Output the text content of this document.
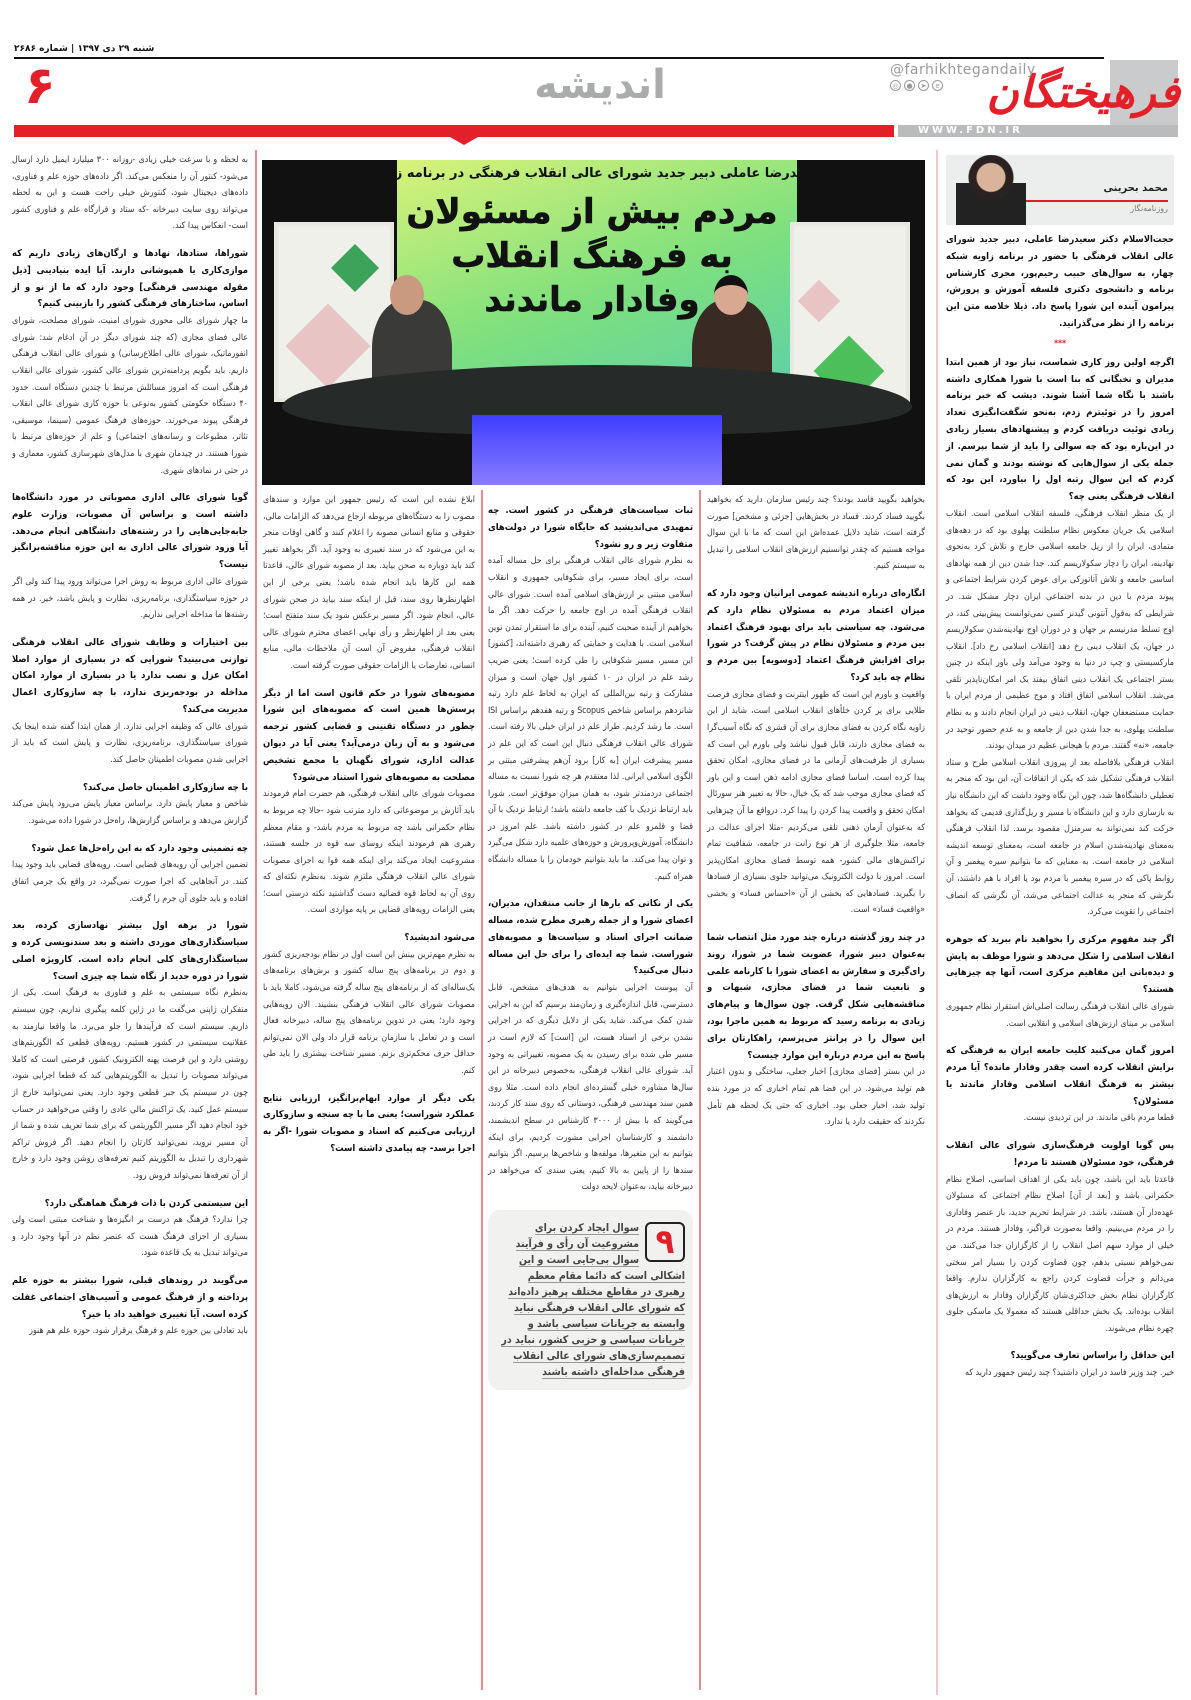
شنبه ۲۹ دی ۱۳۹۷ | شماره ۲۶۸۶
فرهیختگان
@farhikhtegandaily
◎	●	➤	e
اندیشه
۶
WWW.FDN.IR
سعیدرضا عاملی دبیر جدید شورای عالی انقلاب فرهنگی در برنامه زاویه:
مردم بیش از مسئولان
به فرهنگ انقلاب
وفادار ماندند
محمد بحرینی
روزنامه‌نگار

حجت‌الاسلام دکتر سعیدرضا عاملی، دبیر جدید شورای عالی انقلاب فرهنگی با حضور در برنامه زاویه شبکه چهار، به سوال‌های حبیب رحیم‌پور، مجری کارشناس برنامه و دانشجوی دکتری فلسفه آموزش و پرورش، پیرامون آینده این شورا پاسخ داد. ذیلا خلاصه متن این برنامه را از نظر می‌گذرانید.

***

اگرچه اولین روز کاری شماست، نیاز بود از همین ابتدا مدیران و نخبگانی که بنا است با شورا همکاری داشته باشند با نگاه شما آشنا شوند. دیشب که خبر برنامه امروز را در توئیترم زدم، به‌نحو شگفت‌انگیزی تعداد زیادی توئیت دریافت کردم و پیشنهادهای بسیار زیادی در این‌باره بود که چه سوالی را باید از شما بپرسم. از جمله یکی از سوال‌هایی که نوشته بودند و گمان نمی کردم که این سوال رتبه اول را بیاورد، این بود که انقلاب فرهنگی یعنی چه؟

از یک منظر انقلاب فرهنگی، فلسفه انقلاب اسلامی است. انقلاب اسلامی یک جریان معکوس نظام سلطنت پهلوی بود که در دهه‌های متمادی، ایران را از ریل جامعه اسلامی خارج و تلاش کرد به‌نحوی نهادینه، ایران را دچار سکولاریسم کند. جدا شدن دین از همه نهادهای اساسی جامعه و تلاش آتاتورکی برای عوض کردن شرایط اجتماعی و پیوند مردم با دین در بدنه اجتماعی ایران دچار مشکل شد. در شرایطی که به‌قول آنتونی گیدنز کسی نمی‌توانست پیش‌بینی کند، در اوج تسلط مدرنیسم بر جهان و در دوران اوج نهادینه‌شدن سکولاریسم در جهان، یک انقلاب دینی رخ دهد [انقلاب اسلامی رخ داد]. انقلاب مارکسیستی و چپ در دنیا به وجود می‌آمد ولی باور اینکه در چنین بستر اجتماعی یک انقلاب دینی اتفاق بیفتد یک امر امکان‌ناپذیر تلقی می‌شد. انقلاب اسلامی اتفاق افتاد و موج عظیمی از مردم ایران با حمایت مستضعفان جهان، انقلاب دینی در ایران انجام دادند و به نظام سلطنت پهلوی، به جدا شدن دین از جامعه و به عدم حضور توحید در جامعه، «نه» گفتند. مردم با هیجانی عظیم در میدان بودند.

انقلاب فرهنگی بلافاصله بعد از پیروزی انقلاب اسلامی طرح و ستاد انقلاب فرهنگی تشکیل شد که یکی از اتفاقات آن، این بود که منجر به تعطیلی دانشگاه‌ها شد، چون این نگاه وجود داشت که این دانشگاه نیاز به بازسازی دارد و این دانشگاه با مسیر و ریل‌گذاری قدیمی که بخواهد حرکت کند نمی‌تواند به سرمنزل مقصود برسد. لذا انقلاب فرهنگی به‌معنای نهادینه‌شدن اسلام در جامعه است، به‌معنای توسعه اندیشه اسلامی در جامعه است. به معنایی که ما بتوانیم سیره پیغمبر و آن روابط پاکی که در سیره پیغمبر با مردم بود یا افراد با هم داشتند، آن نگرشی که منجر به عدالت اجتماعی می‌شد، آن نگرشی که انصاف اجتماعی را تقویت می‌کرد.

اگر چند مفهوم مرکزی را بخواهید نام ببرید که جوهره انقلاب اسلامی را شکل می‌دهد و شورا موظف به پایش و دیده‌بانی این مفاهیم مرکزی است، آنها چه چیزهایی هستند؟

شورای عالی انقلاب فرهنگی رسالت اصلی‌اش استقرار نظام جمهوری اسلامی بر مبنای ارزش‌های اسلامی و انقلابی است.

امروز گمان می‌کنید کلیت جامعه ایران به فرهنگی که برایش انقلاب کرده است چقدر وفادار مانده؟ آیا مردم بیشتر به فرهنگ انقلاب اسلامی وفادار ماندند یا مسئولان؟

قطعا مردم باقی ماندند. در این تردیدی نیست.

پس گویا اولویت فرهنگ‌سازی شورای عالی انقلاب فرهنگی، خود مسئولان هستند تا مردم!

قاعدتا باید این باشد، چون باید یکی از اهداف اساسی، اصلاح نظام حکمرانی باشد و [بعد از آن] اصلاح نظام اجتماعی که مسئولان عهده‌دار آن هستند، باشد. در شرایط تحریم جدید، باز عنصر وفاداری را در مردم می‌بینیم. واقعا به‌صورت فراگیر، وفادار هستند. مردم در خیلی از موارد سهم اصل انقلاب را از کارگزاران جدا می‌کنند. من نمی‌خواهم نسبتی بدهم، چون قضاوت کردن را بسیار امر سختی می‌دانم و جرأت قضاوت کردن راجع به کارگزاران ندارم. واقعا کارگزاران نظام بخش حداکثری‌شان کارگزاران وفادار به ارزش‌های انقلاب بوده‌اند. یک بخش حداقلی هستند که معمولا یک ماسکی جلوی چهره نظام می‌شوند.

این حداقل را براساس تعارف می‌گویید؟

خیر. چند وزیر فاسد در ایران داشتید؟ چند رئیس جمهور دارید که

بخواهید بگویید فاسد بودند؟ چند رئیس سازمان دارید که بخواهید بگویید فساد کردند. فساد در بخش‌هایی [جزئی و مشخص] صورت گرفته است، شاید دلایل عمده‌اش این است که ما با این سوال مواجه هستیم که چقدر توانستیم ارزش‌های انقلاب اسلامی را تبدیل به سیستم کنیم.

انگاره‌ای درباره اندیشه عمومی ایرانیان وجود دارد که میزان اعتماد مردم به مسئولان نظام دارد کم می‌شود. چه سیاستی باید برای بهبود فرهنگ اعتماد بین مردم و مسئولان نظام در پیش گرفت؟ در شورا برای افزایش فرهنگ اعتماد [دوسویه] بین مردم و نظام چه باید کرد؟

واقعیت و باورم این است که ظهور اینترنت و فضای مجازی فرصت طلایی برای پر کردن خلأهای انقلاب اسلامی است، شاید از این زاویه نگاه کردن به فضای مجازی برای آن قشری که نگاه آسیب‌گرا به فضای مجازی دارند، قابل قبول نباشد ولی باورم این است که بسیاری از ظرفیت‌های آرمانی ما در فضای مجازی، امکان تحقق پیدا کرده است. اساسا فضای مجازی ادامه ذهن است و این باور که فضای مجازی موجب شد که یک خیال، حالا به تعبیر هنر سورئال امکان تحقق و واقعیت پیدا کردن را پیدا کرد. درواقع ما آن چیزهایی که به‌عنوان آرمان ذهنی تلقی می‌کردیم -مثلا اجرای عدالت در جامعه، مثلا جلوگیری از هر نوع رانت در جامعه، شفافیت تمام تراکنش‌های مالی کشور- همه توسط فضای مجازی امکان‌پذیر است. امروز با دولت الکترونیک می‌توانید جلوی بسیاری از فسادها را بگیرید. فسادهایی که بخشی از آن «احساس فساد» و بخشی «واقعیت فساد» است.

در چند روز گذشته درباره چند مورد مثل انتصاب شما به‌عنوان دبیر شورا، عضویت شما در شورا، روند رای‌گیری و سفارش به اعضای شورا با کارنامه علمی و تابعیت شما در فضای مجازی، شبهات و مناقشه‌هایی شکل گرفت. چون سوال‌ها و پیام‌های زیادی به برنامه رسید که مربوط به همین ماجرا بود، این سوال را در پرانتز می‌پرسم، راهکارتان برای پاسخ به این مردم درباره این موارد چیست؟

در این بستر [فضای مجازی] اخبار جعلی، ساختگی و بدون اعتبار هم تولید می‌شود. در این فضا هم تمام اخباری که در مورد بنده تولید شد، اخبار جعلی بود. اخباری که حتی یک لحظه هم تأمل نکردند که حقیقت دارد یا ندارد.

ثبات سیاست‌های فرهنگی در کشور است. چه تمهیدی می‌اندیشید که جایگاه شورا در دولت‌های متفاوت زیر و رو نشود؟

به نظرم شورای عالی انقلاب فرهنگی برای حل مساله آمده است، برای ایجاد مسیر، برای شکوفایی جمهوری و انقلاب اسلامی مبتنی بر ارزش‌های اسلامی آمده است. شورای عالی انقلاب فرهنگی آمده در اوج جامعه را حرکت دهد. اگر ما بخواهیم از آینده صحبت کنیم، آینده برای ما استقرار تمدن نوین اسلامی است. با هدایت و حمایتی که رهبری داشته‌اند، [کشور] این مسیر، مسیر شکوفایی را طی کرده است؛ یعنی ضریب رشد علم در ایران در ۱۰ کشور اول جهان است و میزان مشارکت و رتبه بین‌المللی که ایران به لحاظ علم دارد رتبه شانزدهم براساس شاخص Scopus و رتبه هفدهم براساس ISI است. ما رشد کردیم. طراز علم در ایران خیلی بالا رفته است. شورای عالی انقلاب فرهنگی دنبال این است که این علم در مسیر پیشرفت ایران [به کار] برود آن‌هم پیشرفتی مبتنی بر الگوی اسلامی ایرانی. لذا معتقدم هر چه شورا نسبت به مساله اجتماعی دردمندتر شود، به همان میزان موفق‌تر است. شورا باید ارتباط نزدیک با کف جامعه داشته باشد؛ ارتباط نزدیک با آن قضا و قلمرو علم در کشور داشته باشد. علم امروز در دانشگاه، آموزش‌وپرورش و حوزه‌های علمیه دارد شکل می‌گیرد و توان پیدا می‌کند. ما باید بتوانیم خودمان را با مساله دانشگاه همراه کنیم.

یکی از نکاتی که بارها از جانب منتقدان، مدیران، اعضای شورا و از جمله رهبری مطرح شده، مساله ضمانت اجرای اسناد و سیاست‌ها و مصوبه‌های شوراست. شما چه ایده‌ای را برای حل این مساله دنبال می‌کنید؟

آن پیوست اجرایی بتوانیم به هدف‌های مشخص، قابل دسترسی، قابل اندازه‌گیری و زمان‌مند برسیم که این به اجرایی شدن کمک می‌کند. شاید یکی از دلایل دیگری که در اجرایی نشدن برخی از اسناد هست، این [است] که لازم است در مسیر طی شده برای رسیدن به یک مصوبه، تغییراتی به وجود آید. شورای عالی انقلاب فرهنگی، به‌خصوص دبیرخانه در این سال‌ها مشاوره خیلی گسترده‌ای انجام داده است. مثلا روی همین سند مهندسی فرهنگی، دوستانی که روی سند کار کردند، می‌گویند که با بیش از ۳۰۰۰ کارشناس در سطح اندیشمند، دانشمند و کارشناسان اجرایی مشورت کردیم، برای اینکه بتوانیم به این متغیرها، مولفه‌ها و شاخص‌ها برسیم. اگر بتوانیم سندها را از پایین به بالا کنیم، یعنی سندی که می‌خواهد در دبیرخانه بیاید، به‌عنوان لایحه دولت

۹
سوال ایجاد کردن برای مشروعیت آن رأی و فرآیند سوال بی‌جایی است و این اشکالی است که دائما مقام معظم رهبری در مقاطع مختلف پرهیز داده‌اند که شورای عالی انقلاب فرهنگی نباید وابسته به جریانات سیاسی باشد و جریانات سیاسی و حزبی کشور، نباید در تصمیم‌سازی‌های شورای عالی انقلاب فرهنگی مداخله‌ای داشته باشند

ابلاغ نشده این است که رئیس جمهور این موارد و سندهای مصوب را به دستگاه‌های مربوطه ارجاع می‌دهد که الزامات مالی، حقوقی و منابع انسانی مصوبه را اعلام کنند و گاهی اوقات منجر به این می‌شود که در سند تغییری به وجود آید. اگر بخواهد تغییر کند باید دوباره به صحن بیاید. بعد از مصوبه شورای عالی، قاعدتا همه این کارها باید انجام شده باشد؛ یعنی برخی از این اظهارنظرها روی سند، قبل از اینکه سند بیاید در صحن شورای عالی، انجام شود. اگر مسیر برعکس شود یک سند متفتح است؛ یعنی بعد از اظهارنظر و رأی نهایی اعضای محترم شورای عالی انقلاب فرهنگی، مفروض آن است آن ملاحظات مالی، منابع انسانی، تعارضات یا الزامات حقوقی صورت گرفته است.

مصوبه‌های شورا در حکم قانون است اما از دیگر پرسش‌ها همین است که مصوبه‌های این شورا چطور در دستگاه تقنینی و قضایی کشور ترجمه می‌شود و به آن زبان درمی‌آید؟ یعنی آیا در دیوان عدالت اداری، شورای نگهبان یا مجمع تشخیص مصلحت به مصوبه‌های شورا استناد می‌شود؟

مصوبات شورای عالی انقلاب فرهنگی، هم حضرت امام فرمودند باید آثارش بر موضوعاتی که دارد مترتب شود -حالا چه مربوط به نظام حکمرانی باشد چه مربوط به مردم باشد- و مقام معظم رهبری هم فرمودند اینکه روسای سه قوه در جلسه هستند، مشروعیت ایجاد می‌کند برای اینکه همه قوا به اجرای مصوبات شورای عالی انقلاب فرهنگی ملتزم شوند. به‌نظرم نکته‌ای که روی آن به لحاظ قوه قضائیه دست گذاشتید نکته درستی است؛ یعنی الزامات رویه‌های قضایی بر پایه مواردی است.

می‌شود اندیشید؟

به نظرم مهم‌ترین بینش این است اول در نظام بودجه‌ریزی کشور و دوم در برنامه‌های پنج ساله کشور و برش‌های برنامه‌های یک‌ساله‌ای که از برنامه‌های پنج ساله گرفته می‌شود، کاملا باید با مصوبات شورای عالی انقلاب فرهنگی بنشیند. الان رویه‌هایی وجود دارد؛ یعنی در تدوین برنامه‌های پنج ساله، دبیرخانه فعال است و در تعامل با سازمان برنامه قرار داد ولی الان نمی‌توانم حداقل حرف محکم‌تری بزنم. مسیر شناخت بیشتری را باید طی کنم.

یکی دیگر از موارد ابهام‌برانگیز، ارزیابی نتایج عملکرد شوراست؛ یعنی ما با چه سنجه و سازوکاری ارزیابی می‌کنیم که اسناد و مصوبات شورا -اگر به اجرا برسد- چه پیامدی داشته است؟

به لحظه و با سرعت خیلی زیادی -روزانه ۳۰۰ میلیارد ایمیل دارد ارسال می‌شود- کنتور آن را منعکس می‌کند. اگر داده‌های حوزه علم و فناوری، داده‌های دیجیتال شود، کنتورش خیلی راحت هست و این به لحظه می‌تواند روی سایت دبیرخانه -که ستاد و قرارگاه علم و فناوری کشور است- انعکاس پیدا کند.

شوراها، ستادها، نهادها و ارگان‌های زیادی داریم که موازی‌کاری یا همپوشانی دارند. آیا ایده بنیادینی [ذیل مقوله مهندسی فرهنگی] وجود دارد که ما از نو و از اساس، ساختارهای فرهنگی کشور را بازبینی کنیم؟

ما چهار شورای عالی محوری شورای امنیت، شورای مصلحت، شورای عالی فضای مجازی (که چند شورای دیگر در آن ادغام شد: شورای انفورماتیک، شورای عالی اطلاع‌رسانی) و شورای عالی انقلاب فرهنگی داریم. باید بگویم پردامنه‌ترین شورای عالی کشور، شورای عالی انقلاب فرهنگی است که امروز مسائلش مرتبط با چندین دستگاه است. حدود ۴۰ دستگاه حکومتی کشور به‌نوعی با حوزه کاری شورای عالی انقلاب فرهنگی پیوند می‌خورند. حوزه‌های فرهنگ عمومی (سینما، موسیقی، تئاتر، مطبوعات و رسانه‌های اجتماعی) و علم از حوزه‌های مرتبط با شورا هستند. در چیدمان شهری با مدل‌های شهرسازی کشور، معماری و در حتی در نمادهای شهری.

گویا شورای عالی اداری مصوباتی در مورد دانشگاه‌ها داشته است و براساس آن مصوبات، وزارت علوم جابه‌جایی‌هایی را در رشته‌های دانشگاهی انجام می‌دهد. آیا ورود شورای عالی اداری به این حوزه مناقشه‌برانگیز نیست؟

شورای عالی اداری مربوط به روش اجرا می‌تواند ورود پیدا کند ولی اگر در حوزه سیاستگذاری، برنامه‌ریزی، نظارت و پایش باشد، خیر. در همه رشته‌ها ما مداخله اجرایی نداریم.

بین اختیارات و وظایف شورای عالی انقلاب فرهنگی توازنی می‌بینید؟ شورایی که در بسیاری از موارد اصلا امکان عزل و نصب ندارد یا در بسیاری از موارد امکان مداخله در بودجه‌ریزی ندارد، با چه سازوکاری اعمال مدیریت می‌کند؟

شورای عالی که وظیفه اجرایی ندارد. از همان ابتدا گفته شده اینجا یک شورای سیاستگذاری، برنامه‌ریزی، نظارت و پایش است که باید از اجرایی شدن مصوبات اطمینان حاصل کند.

با چه سازوکاری اطمینان حاصل می‌کند؟

شاخص و معیار پایش دارد. براساس معیار پایش می‌رود پایش می‌کند گزارش می‌دهد و براساس گزارش‌ها، راه‌حل در شورا داده می‌شود.

چه تضمینی وجود دارد که به این راه‌حل‌ها عمل شود؟

تضمین اجرایی آن رویه‌های قضایی است. رویه‌های قضایی باید وجود پیدا کنند. در آنجاهایی که اجرا صورت نمی‌گیرد، در واقع یک جرمی اتفاق افتاده و باید جلوی آن جرم را گرفت.

شورا در برهه اول بیشتر نهادسازی کرده، بعد سیاستگذاری‌های موردی داشته و بعد سندنویسی کرده و سیاستگذاری‌های کلی انجام داده است. کارویژه اصلی شورا در دوره جدید از نگاه شما چه چیزی است؟

به‌نظرم نگاه سیستمی به علم و فناوری به فرهنگ است. یکی از متفکران ژاپنی می‌گفت ما در ژاپن کلمه پیگیری نداریم، چون سیستم داریم. سیستم است که فرآیندها را جلو می‌برد. ما واقعا نیازمند به عقلانیت سیستمی در کشور هستیم. رویه‌های قطعی که الگوریتم‌های روشنی دارد و این فرصت پهنه الکترونیک کشور، فرصتی است که کاملا می‌تواند مصوبات را تبدیل به الگوریتم‌هایی کند که قطعا اجرایی شود، چون در سیستم یک جبر قطعی وجود دارد. یعنی نمی‌توانید خارج از سیستم عمل کنید. یک تراکنش مالی عادی را وقتی می‌خواهید در حساب خود انجام دهید اگر مسیر الگوریتمی که برای شما تعریف شده و شما از آن مسیر نروید، نمی‌توانید کارتان را انجام دهید. اگر فروش تراکم شهرداری را تبدیل به الگوریتم کنیم تعرفه‌های روشن وجود دارد و خارج از آن تعرفه‌ها نمی‌تواند فروش رود.

این سیستمی کردن با ذات فرهنگ هماهنگی دارد؟

چرا ندارد؟ فرهنگ هم درست بر انگیزه‌ها و شناخت مبتنی است ولی بسیاری از اجزای فرهنگ هست که عنصر نظم در آنها وجود دارد و می‌تواند تبدیل به یک قاعده شود.

می‌گویند در روندهای قبلی، شورا بیشتر به حوزه علم پرداخته و از فرهنگ عمومی و آسیب‌های اجتماعی غفلت کرده است. آیا تغییری خواهید داد یا خیر؟

باید تعادلی بین حوزه علم و فرهنگ برقرار شود. حوزه علم هم هنوز
